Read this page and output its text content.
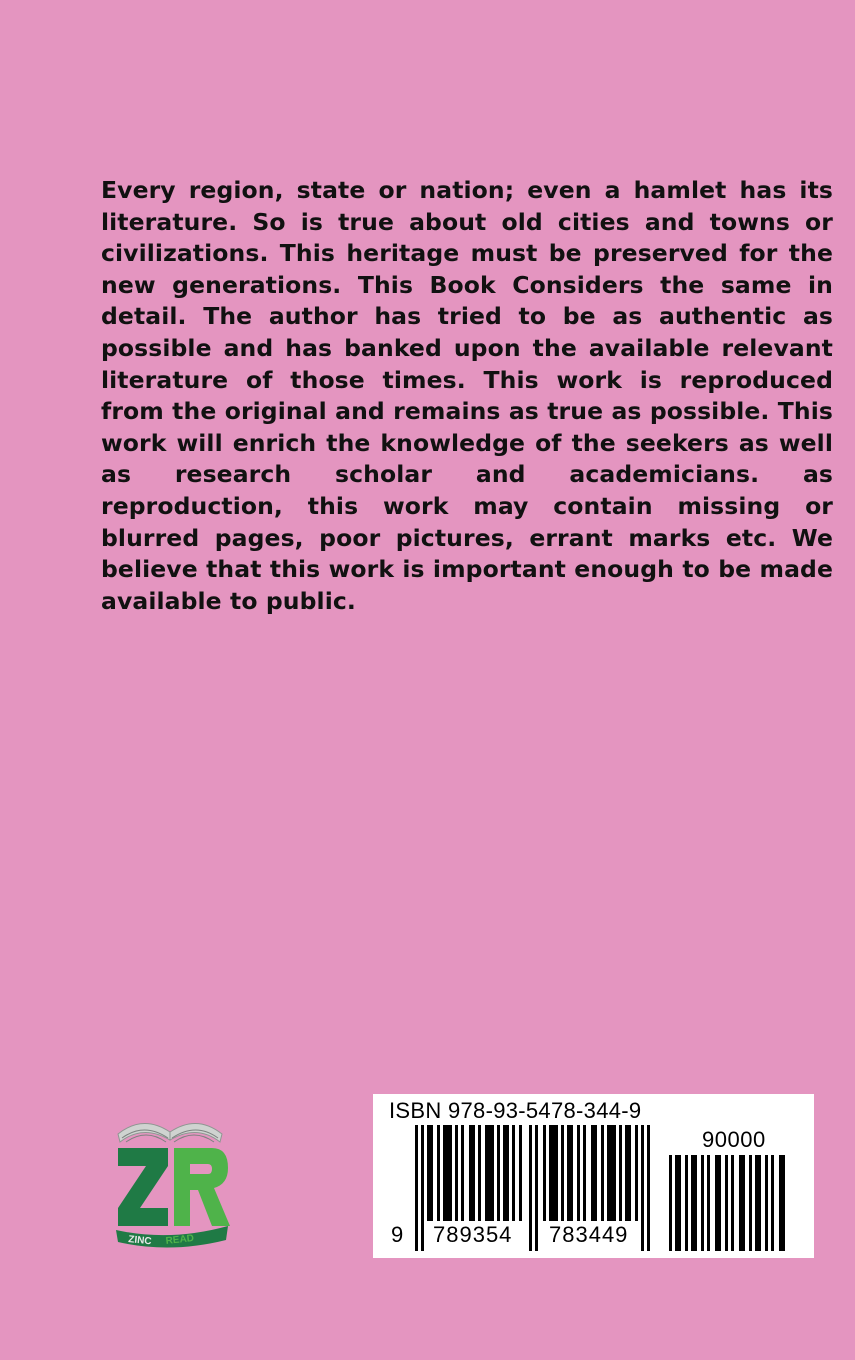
Every region, state or nation; even a hamlet has its literature. So is true about old cities and towns or civilizations. This heritage must be preserved for the new generations. This Book Considers the same in detail. The author has tried to be as authentic as possible and has banked upon the available relevant literature of those times. This work is reproduced from the original and remains as true as possible. This work will enrich the knowledge of the seekers as well as research scholar and academicians. as reproduction, this work may contain missing or blurred pages, poor pictures, errant marks etc. We believe that this work is important enough to be made available to public.

ZINC READ
ISBN 978-93-5478-344-9
90000
9 789354 783449
